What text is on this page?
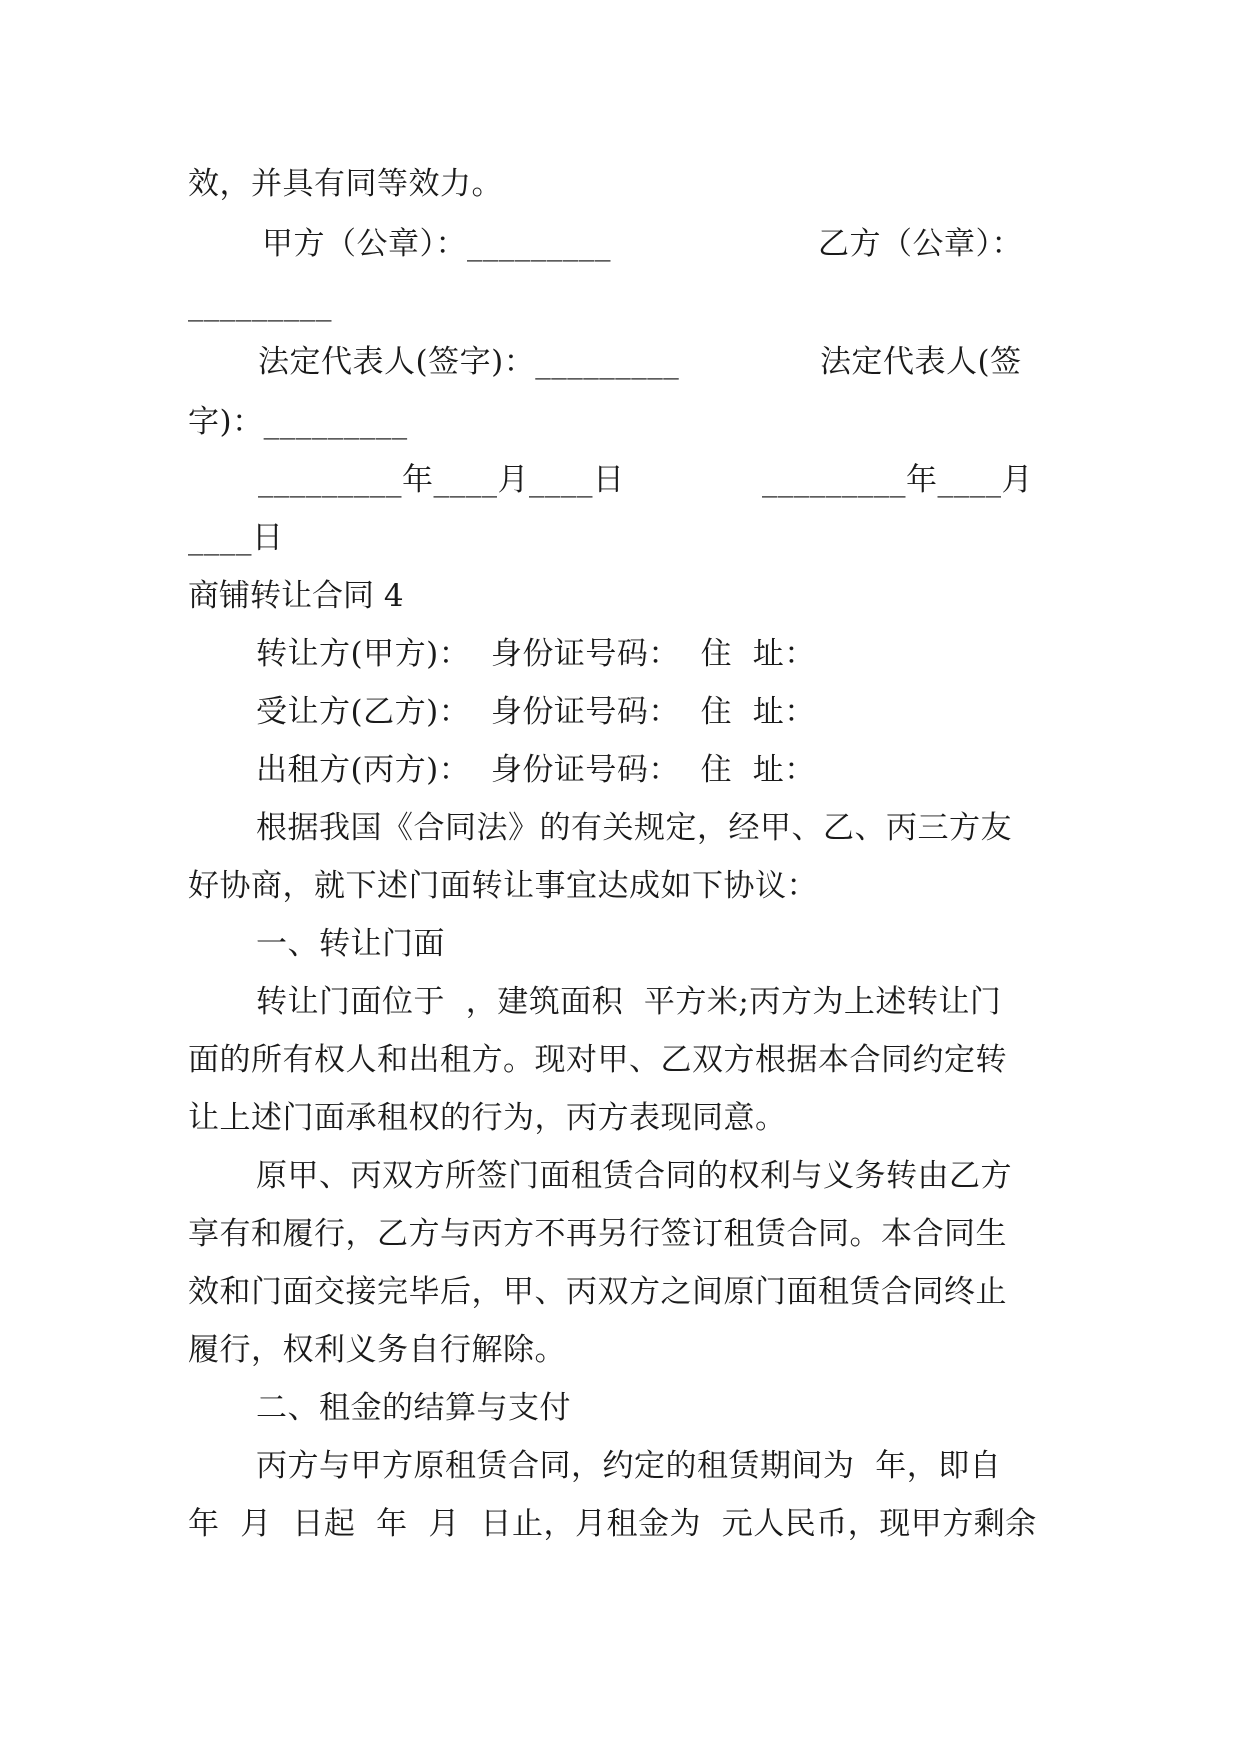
效，并具有同等效力。
甲方（公章）：_________	乙方（公章）：
_________
法定代表人(签字)：_________	法定代表人(签
字)：_________
_________年____月____日	_________年____月
____日
商铺转让合同 4
转让方(甲方)：  身份证号码：  住  址：
受让方(乙方)：  身份证号码：  住  址：
出租方(丙方)：  身份证号码：  住  址：
根据我国《合同法》的有关规定，经甲、乙、丙三方友
好协商，就下述门面转让事宜达成如下协议：
一、转让门面
转让门面位于  ，建筑面积  平方米;丙方为上述转让门
面的所有权人和出租方。现对甲、乙双方根据本合同约定转
让上述门面承租权的行为，丙方表现同意。
原甲、丙双方所签门面租赁合同的权利与义务转由乙方
享有和履行，乙方与丙方不再另行签订租赁合同。本合同生
效和门面交接完毕后，甲、丙双方之间原门面租赁合同终止
履行，权利义务自行解除。
二、租金的结算与支付
丙方与甲方原租赁合同，约定的租赁期间为  年，即自
年  月  日起  年  月  日止，月租金为  元人民币，现甲方剩余
